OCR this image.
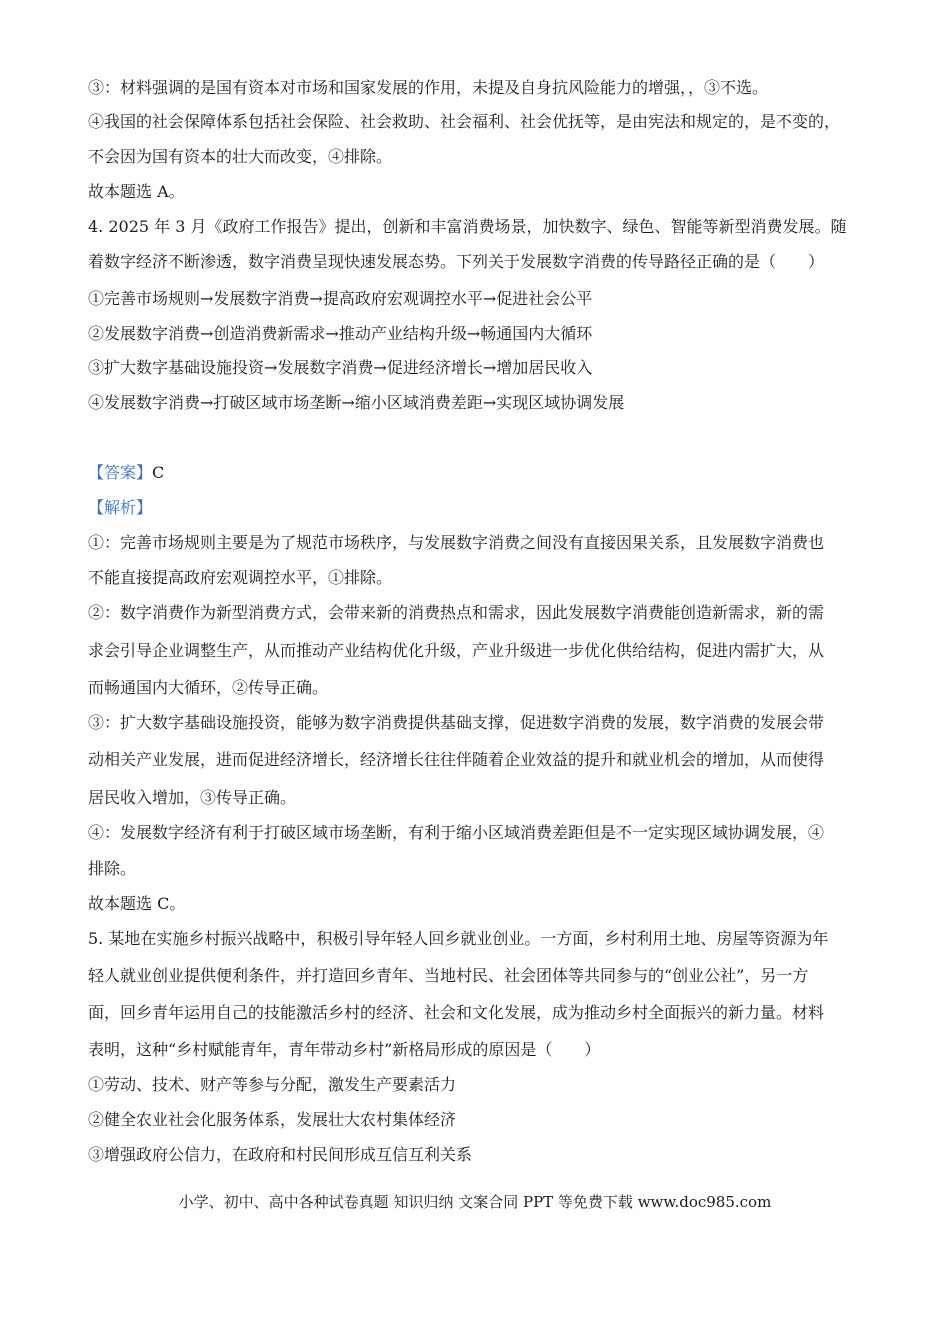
③：材料强调的是国有资本对市场和国家发展的作用，未提及自身抗风险能力的增强，，③不选。
④我国的社会保障体系包括社会保险、社会救助、社会福利、社会优抚等，是由宪法和规定的，是不变的，
不会因为国有资本的壮大而改变，④排除。
故本题选 A。
4. 2025 年 3 月《政府工作报告》提出，创新和丰富消费场景，加快数字、绿色、智能等新型消费发展。随
着数字经济不断渗透，数字消费呈现快速发展态势。下列关于发展数字消费的传导路径正确的是（　　）
①完善市场规则→发展数字消费→提高政府宏观调控水平→促进社会公平
②发展数字消费→创造消费新需求→推动产业结构升级→畅通国内大循环
③扩大数字基础设施投资→发展数字消费→促进经济增长→增加居民收入
④发展数字消费→打破区域市场垄断→缩小区域消费差距→实现区域协调发展
【答案】C
【解析】
①：完善市场规则主要是为了规范市场秩序，与发展数字消费之间没有直接因果关系，且发展数字消费也
不能直接提高政府宏观调控水平，①排除。
②：数字消费作为新型消费方式，会带来新的消费热点和需求，因此发展数字消费能创造新需求，新的需
求会引导企业调整生产，从而推动产业结构优化升级，产业升级进一步优化供给结构，促进内需扩大，从
而畅通国内大循环，②传导正确。
③：扩大数字基础设施投资，能够为数字消费提供基础支撑，促进数字消费的发展，数字消费的发展会带
动相关产业发展，进而促进经济增长，经济增长往往伴随着企业效益的提升和就业机会的增加，从而使得
居民收入增加，③传导正确。
④：发展数字经济有利于打破区域市场垄断，有利于缩小区域消费差距但是不一定实现区域协调发展，④
排除。
故本题选 C。
5. 某地在实施乡村振兴战略中，积极引导年轻人回乡就业创业。一方面，乡村利用土地、房屋等资源为年
轻人就业创业提供便利条件，并打造回乡青年、当地村民、社会团体等共同参与的“创业公社”，另一方
面，回乡青年运用自己的技能激活乡村的经济、社会和文化发展，成为推动乡村全面振兴的新力量。材料
表明，这种“乡村赋能青年，青年带动乡村”新格局形成的原因是（　　）
①劳动、技术、财产等参与分配，激发生产要素活力
②健全农业社会化服务体系，发展壮大农村集体经济
③增强政府公信力，在政府和村民间形成互信互利关系
小学、初中、高中各种试卷真题 知识归纳 文案合同 PPT 等免费下载 www.doc985.com
